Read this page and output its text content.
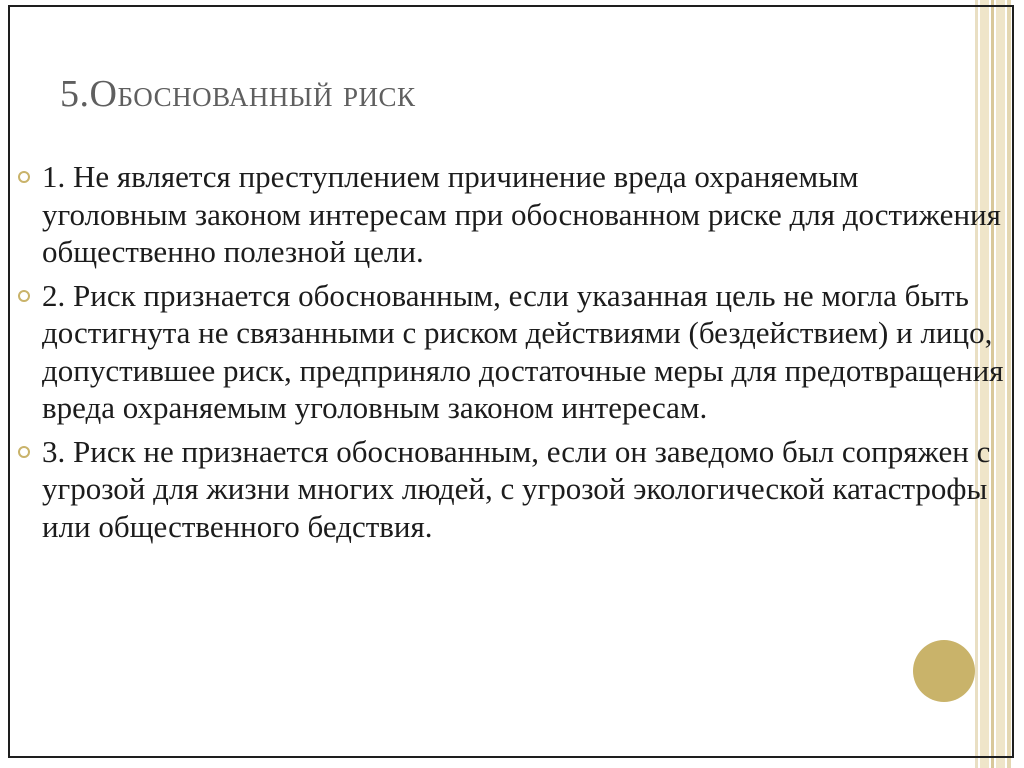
5.Обоснованный риск
1. Не является преступлением причинение вреда охраняемым уголовным законом интересам при обоснованном риске для достижения общественно полезной цели.
2. Риск признается обоснованным, если указанная цель не могла быть достигнута не связанными с риском действиями (бездействием) и лицо, допустившее риск, предприняло достаточные меры для предотвращения вреда охраняемым уголовным законом интересам.
3. Риск не признается обоснованным, если он заведомо был сопряжен с угрозой для жизни многих людей, с угрозой экологической катастрофы или общественного бедствия.
